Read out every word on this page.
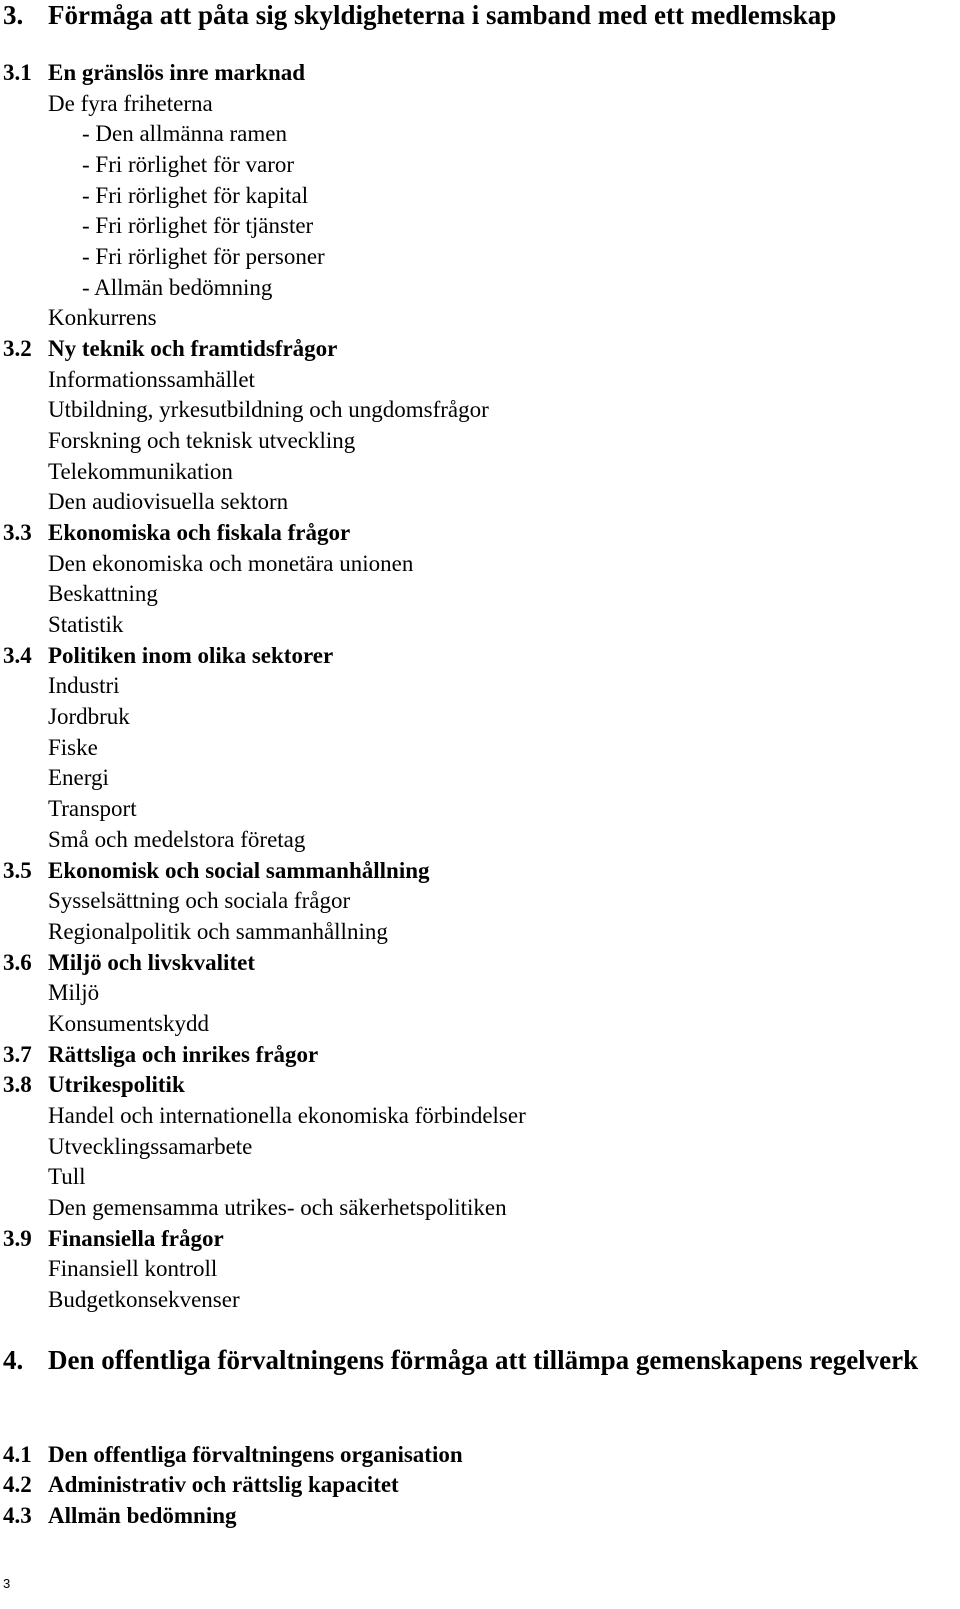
3. Förmåga att påta sig skyldigheterna i samband med ett medlemskap
3.1 En gränslös inre marknad
De fyra friheterna
- Den allmänna ramen
- Fri rörlighet för varor
- Fri rörlighet för kapital
- Fri rörlighet för tjänster
- Fri rörlighet för personer
- Allmän bedömning
Konkurrens
3.2 Ny teknik och framtidsfrågor
Informationssamhället
Utbildning, yrkesutbildning och ungdomsfrågor
Forskning och teknisk utveckling
Telekommunikation
Den audiovisuella sektorn
3.3 Ekonomiska och fiskala frågor
Den ekonomiska och monetära unionen
Beskattning
Statistik
3.4 Politiken inom olika sektorer
Industri
Jordbruk
Fiske
Energi
Transport
Små och medelstora företag
3.5 Ekonomisk och social sammanhållning
Sysselsättning och sociala frågor
Regionalpolitik och sammanhållning
3.6 Miljö och livskvalitet
Miljö
Konsumentskydd
3.7 Rättsliga och inrikes frågor
3.8 Utrikespolitik
Handel och internationella ekonomiska förbindelser
Utvecklingssamarbete
Tull
Den gemensamma utrikes- och säkerhetspolitiken
3.9 Finansiella frågor
Finansiell kontroll
Budgetkonsekvenser
4. Den offentliga förvaltningens förmåga att tillämpa gemenskapens regelverk
4.1 Den offentliga förvaltningens organisation
4.2 Administrativ och rättslig kapacitet
4.3 Allmän bedömning
3
